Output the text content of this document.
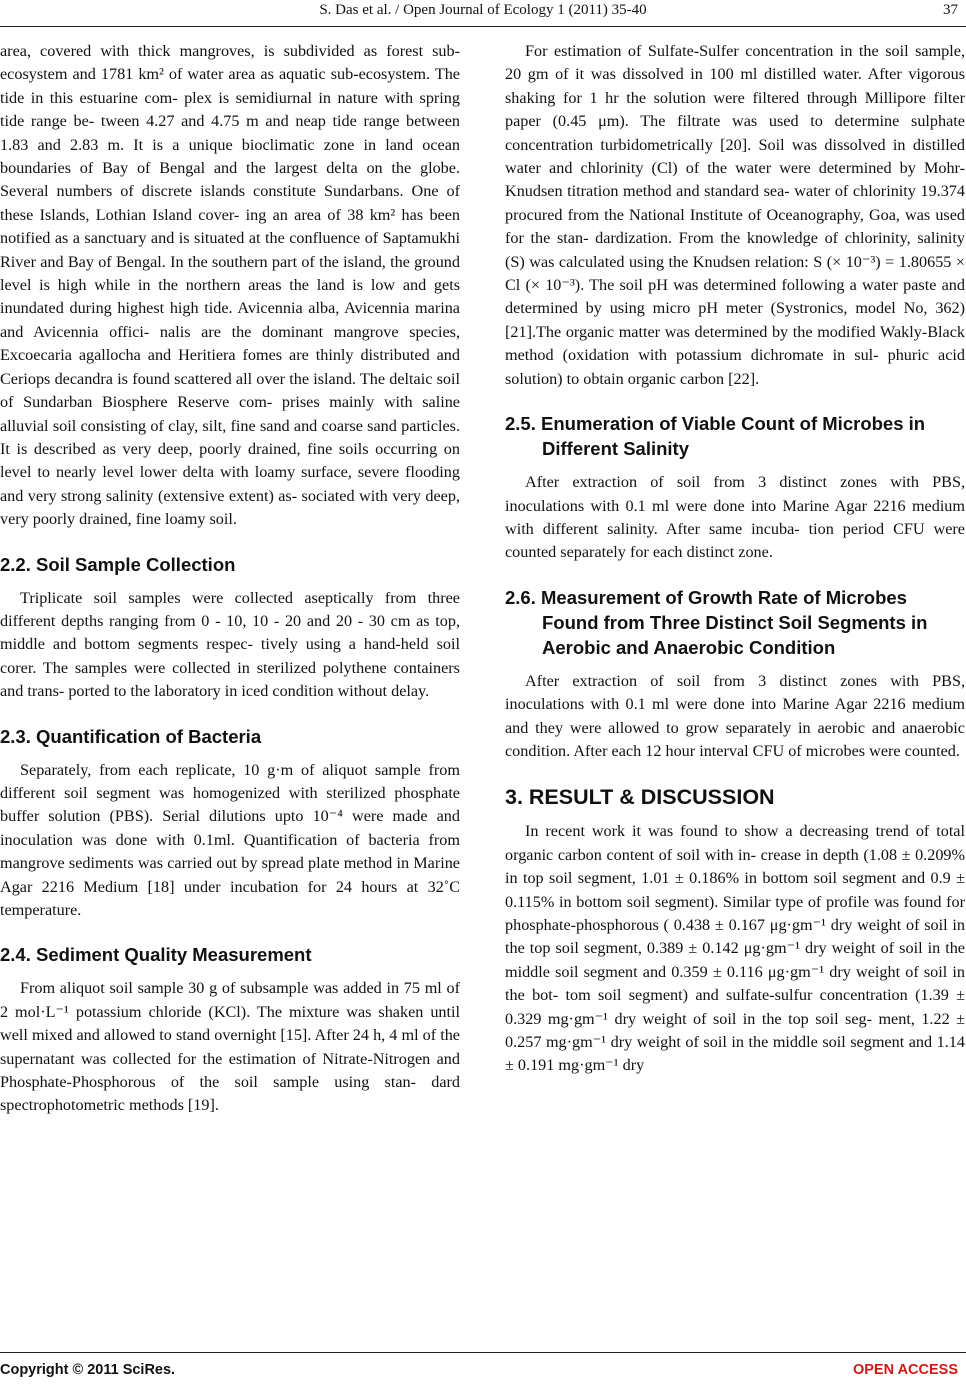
S. Das et al. / Open Journal of Ecology 1 (2011) 35-40	37

area, covered with thick mangroves, is subdivided as forest sub-ecosystem and 1781 km² of water area as aquatic sub-ecosystem. The tide in this estuarine com- plex is semidiurnal in nature with spring tide range be- tween 4.27 and 4.75 m and neap tide range between 1.83 and 2.83 m. It is a unique bioclimatic zone in land ocean boundaries of Bay of Bengal and the largest delta on the globe. Several numbers of discrete islands constitute Sundarbans. One of these Islands, Lothian Island cover- ing an area of 38 km² has been notified as a sanctuary and is situated at the confluence of Saptamukhi River and Bay of Bengal. In the southern part of the island, the ground level is high while in the northern areas the land is low and gets inundated during highest high tide. Avicennia alba, Avicennia marina and Avicennia offici- nalis are the dominant mangrove species, Excoecaria agallocha and Heritiera fomes are thinly distributed and Ceriops decandra is found scattered all over the island. The deltaic soil of Sundarban Biosphere Reserve com- prises mainly with saline alluvial soil consisting of clay, silt, fine sand and coarse sand particles. It is described as very deep, poorly drained, fine soils occurring on level to nearly level lower delta with loamy surface, severe flooding and very strong salinity (extensive extent) as- sociated with very deep, very poorly drained, fine loamy soil.

2.2. Soil Sample Collection

Triplicate soil samples were collected aseptically from three different depths ranging from 0 - 10, 10 - 20 and 20 - 30 cm as top, middle and bottom segments respec- tively using a hand-held soil corer. The samples were collected in sterilized polythene containers and trans- ported to the laboratory in iced condition without delay.

2.3. Quantification of Bacteria

Separately, from each replicate, 10 g·m of aliquot sample from different soil segment was homogenized with sterilized phosphate buffer solution (PBS). Serial dilutions upto 10⁻⁴ were made and inoculation was done with 0.1ml. Quantification of bacteria from mangrove sediments was carried out by spread plate method in Marine Agar 2216 Medium [18] under incubation for 24 hours at 32˚C temperature.

2.4. Sediment Quality Measurement

From aliquot soil sample 30 g of subsample was added in 75 ml of 2 mol·L⁻¹ potassium chloride (KCl). The mixture was shaken until well mixed and allowed to stand overnight [15]. After 24 h, 4 ml of the supernatant was collected for the estimation of Nitrate-Nitrogen and Phosphate-Phosphorous of the soil sample using stan- dard spectrophotometric methods [19].

For estimation of Sulfate-Sulfer concentration in the soil sample, 20 gm of it was dissolved in 100 ml distilled water. After vigorous shaking for 1 hr the solution were filtered through Millipore filter paper (0.45 μm). The filtrate was used to determine sulphate concentration turbidometrically [20]. Soil was dissolved in distilled water and chlorinity (Cl) of the water were determined by Mohr-Knudsen titration method and standard sea- water of chlorinity 19.374 procured from the National Institute of Oceanography, Goa, was used for the stan- dardization. From the knowledge of chlorinity, salinity (S) was calculated using the Knudsen relation: S (× 10⁻³) = 1.80655 × Cl (× 10⁻³). The soil pH was determined following a water paste and determined by using micro pH meter (Systronics, model No, 362) [21].The organic matter was determined by the modified Wakly-Black method (oxidation with potassium dichromate in sul- phuric acid solution) to obtain organic carbon [22].

2.5. Enumeration of Viable Count of Microbes in Different Salinity

After extraction of soil from 3 distinct zones with PBS, inoculations with 0.1 ml were done into Marine Agar 2216 medium with different salinity. After same incuba- tion period CFU were counted separately for each distinct zone.

2.6. Measurement of Growth Rate of Microbes Found from Three Distinct Soil Segments in Aerobic and Anaerobic Condition

After extraction of soil from 3 distinct zones with PBS, inoculations with 0.1 ml were done into Marine Agar 2216 medium and they were allowed to grow separately in aerobic and anaerobic condition. After each 12 hour interval CFU of microbes were counted.

3. RESULT & DISCUSSION

In recent work it was found to show a decreasing trend of total organic carbon content of soil with in- crease in depth (1.08 ± 0.209% in top soil segment, 1.01 ± 0.186% in bottom soil segment and 0.9 ± 0.115% in bottom soil segment). Similar type of profile was found for phosphate-phosphorous ( 0.438 ± 0.167 μg·gm⁻¹ dry weight of soil in the top soil segment, 0.389 ± 0.142 μg·gm⁻¹ dry weight of soil in the middle soil segment and 0.359 ± 0.116 μg·gm⁻¹ dry weight of soil in the bot- tom soil segment) and sulfate-sulfur concentration (1.39 ± 0.329 mg·gm⁻¹ dry weight of soil in the top soil seg- ment, 1.22 ± 0.257 mg·gm⁻¹ dry weight of soil in the middle soil segment and 1.14 ± 0.191 mg·gm⁻¹ dry

Copyright © 2011 SciRes.	OPEN ACCESS
